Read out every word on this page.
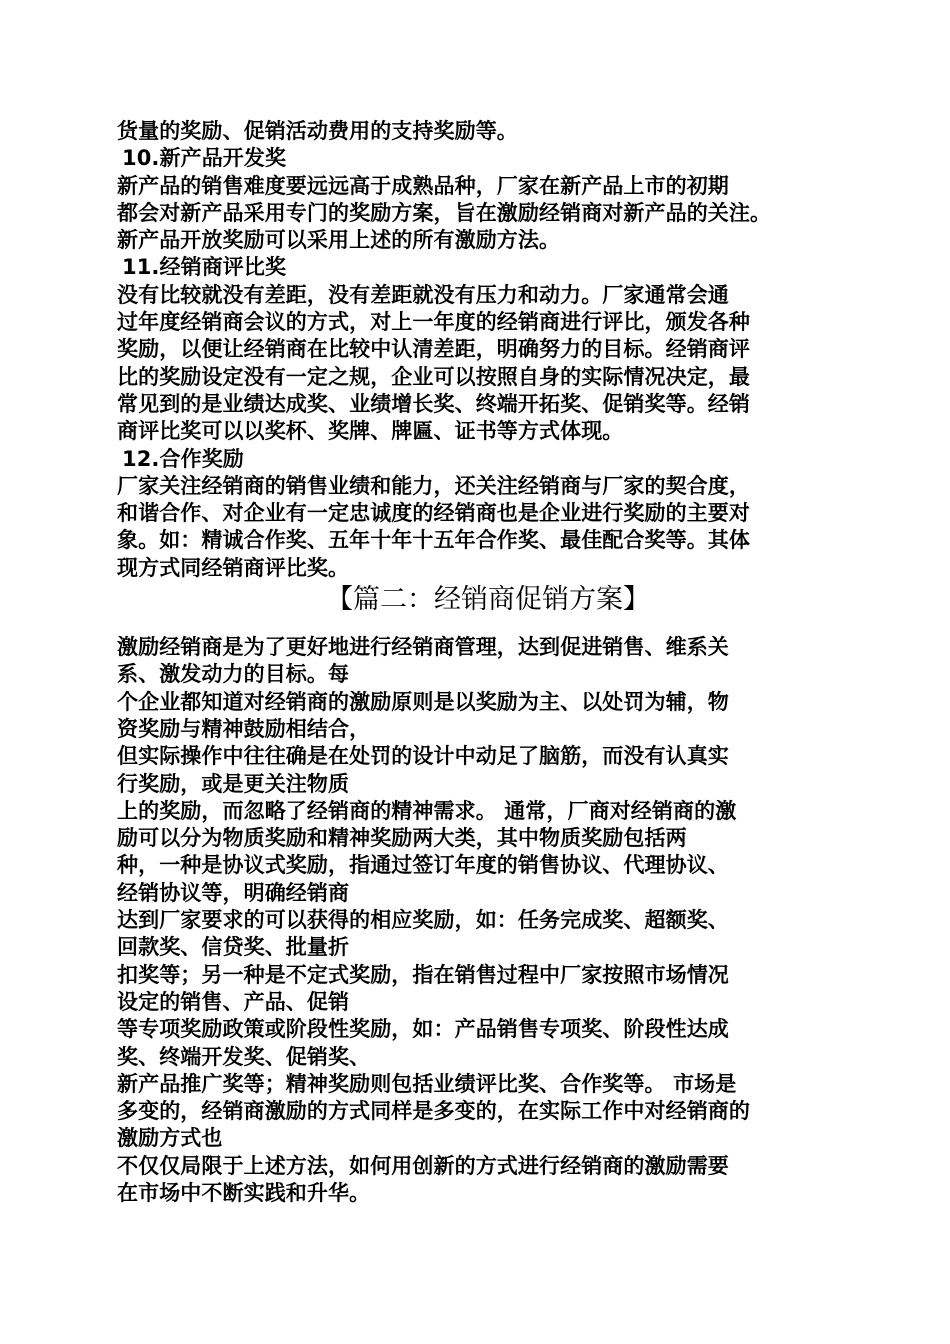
货量的奖励、促销活动费用的支持奖励等。
10.新产品开发奖
新产品的销售难度要远远高于成熟品种，厂家在新产品上市的初期
都会对新产品采用专门的奖励方案，旨在激励经销商对新产品的关注。
新产品开放奖励可以采用上述的所有激励方法。
11.经销商评比奖
没有比较就没有差距，没有差距就没有压力和动力。厂家通常会通
过年度经销商会议的方式，对上一年度的经销商进行评比，颁发各种
奖励，以便让经销商在比较中认清差距，明确努力的目标。经销商评
比的奖励设定没有一定之规，企业可以按照自身的实际情况决定，最
常见到的是业绩达成奖、业绩增长奖、终端开拓奖、促销奖等。经销
商评比奖可以以奖杯、奖牌、牌匾、证书等方式体现。
12.合作奖励
厂家关注经销商的销售业绩和能力，还关注经销商与厂家的契合度，
和谐合作、对企业有一定忠诚度的经销商也是企业进行奖励的主要对
象。如：精诚合作奖、五年十年十五年合作奖、最佳配合奖等。其体
现方式同经销商评比奖。
【篇二：经销商促销方案】
激励经销商是为了更好地进行经销商管理，达到促进销售、维系关
系、激发动力的目标。每
个企业都知道对经销商的激励原则是以奖励为主、以处罚为辅，物
资奖励与精神鼓励相结合，
但实际操作中往往确是在处罚的设计中动足了脑筋，而没有认真实
行奖励，或是更关注物质
上的奖励，而忽略了经销商的精神需求。 通常，厂商对经销商的激
励可以分为物质奖励和精神奖励两大类，其中物质奖励包括两
种，一种是协议式奖励，指通过签订年度的销售协议、代理协议、
经销协议等，明确经销商
达到厂家要求的可以获得的相应奖励，如：任务完成奖、超额奖、
回款奖、信贷奖、批量折
扣奖等；另一种是不定式奖励，指在销售过程中厂家按照市场情况
设定的销售、产品、促销
等专项奖励政策或阶段性奖励，如：产品销售专项奖、阶段性达成
奖、终端开发奖、促销奖、
新产品推广奖等；精神奖励则包括业绩评比奖、合作奖等。 市场是
多变的，经销商激励的方式同样是多变的，在实际工作中对经销商的
激励方式也
不仅仅局限于上述方法，如何用创新的方式进行经销商的激励需要
在市场中不断实践和升华。
